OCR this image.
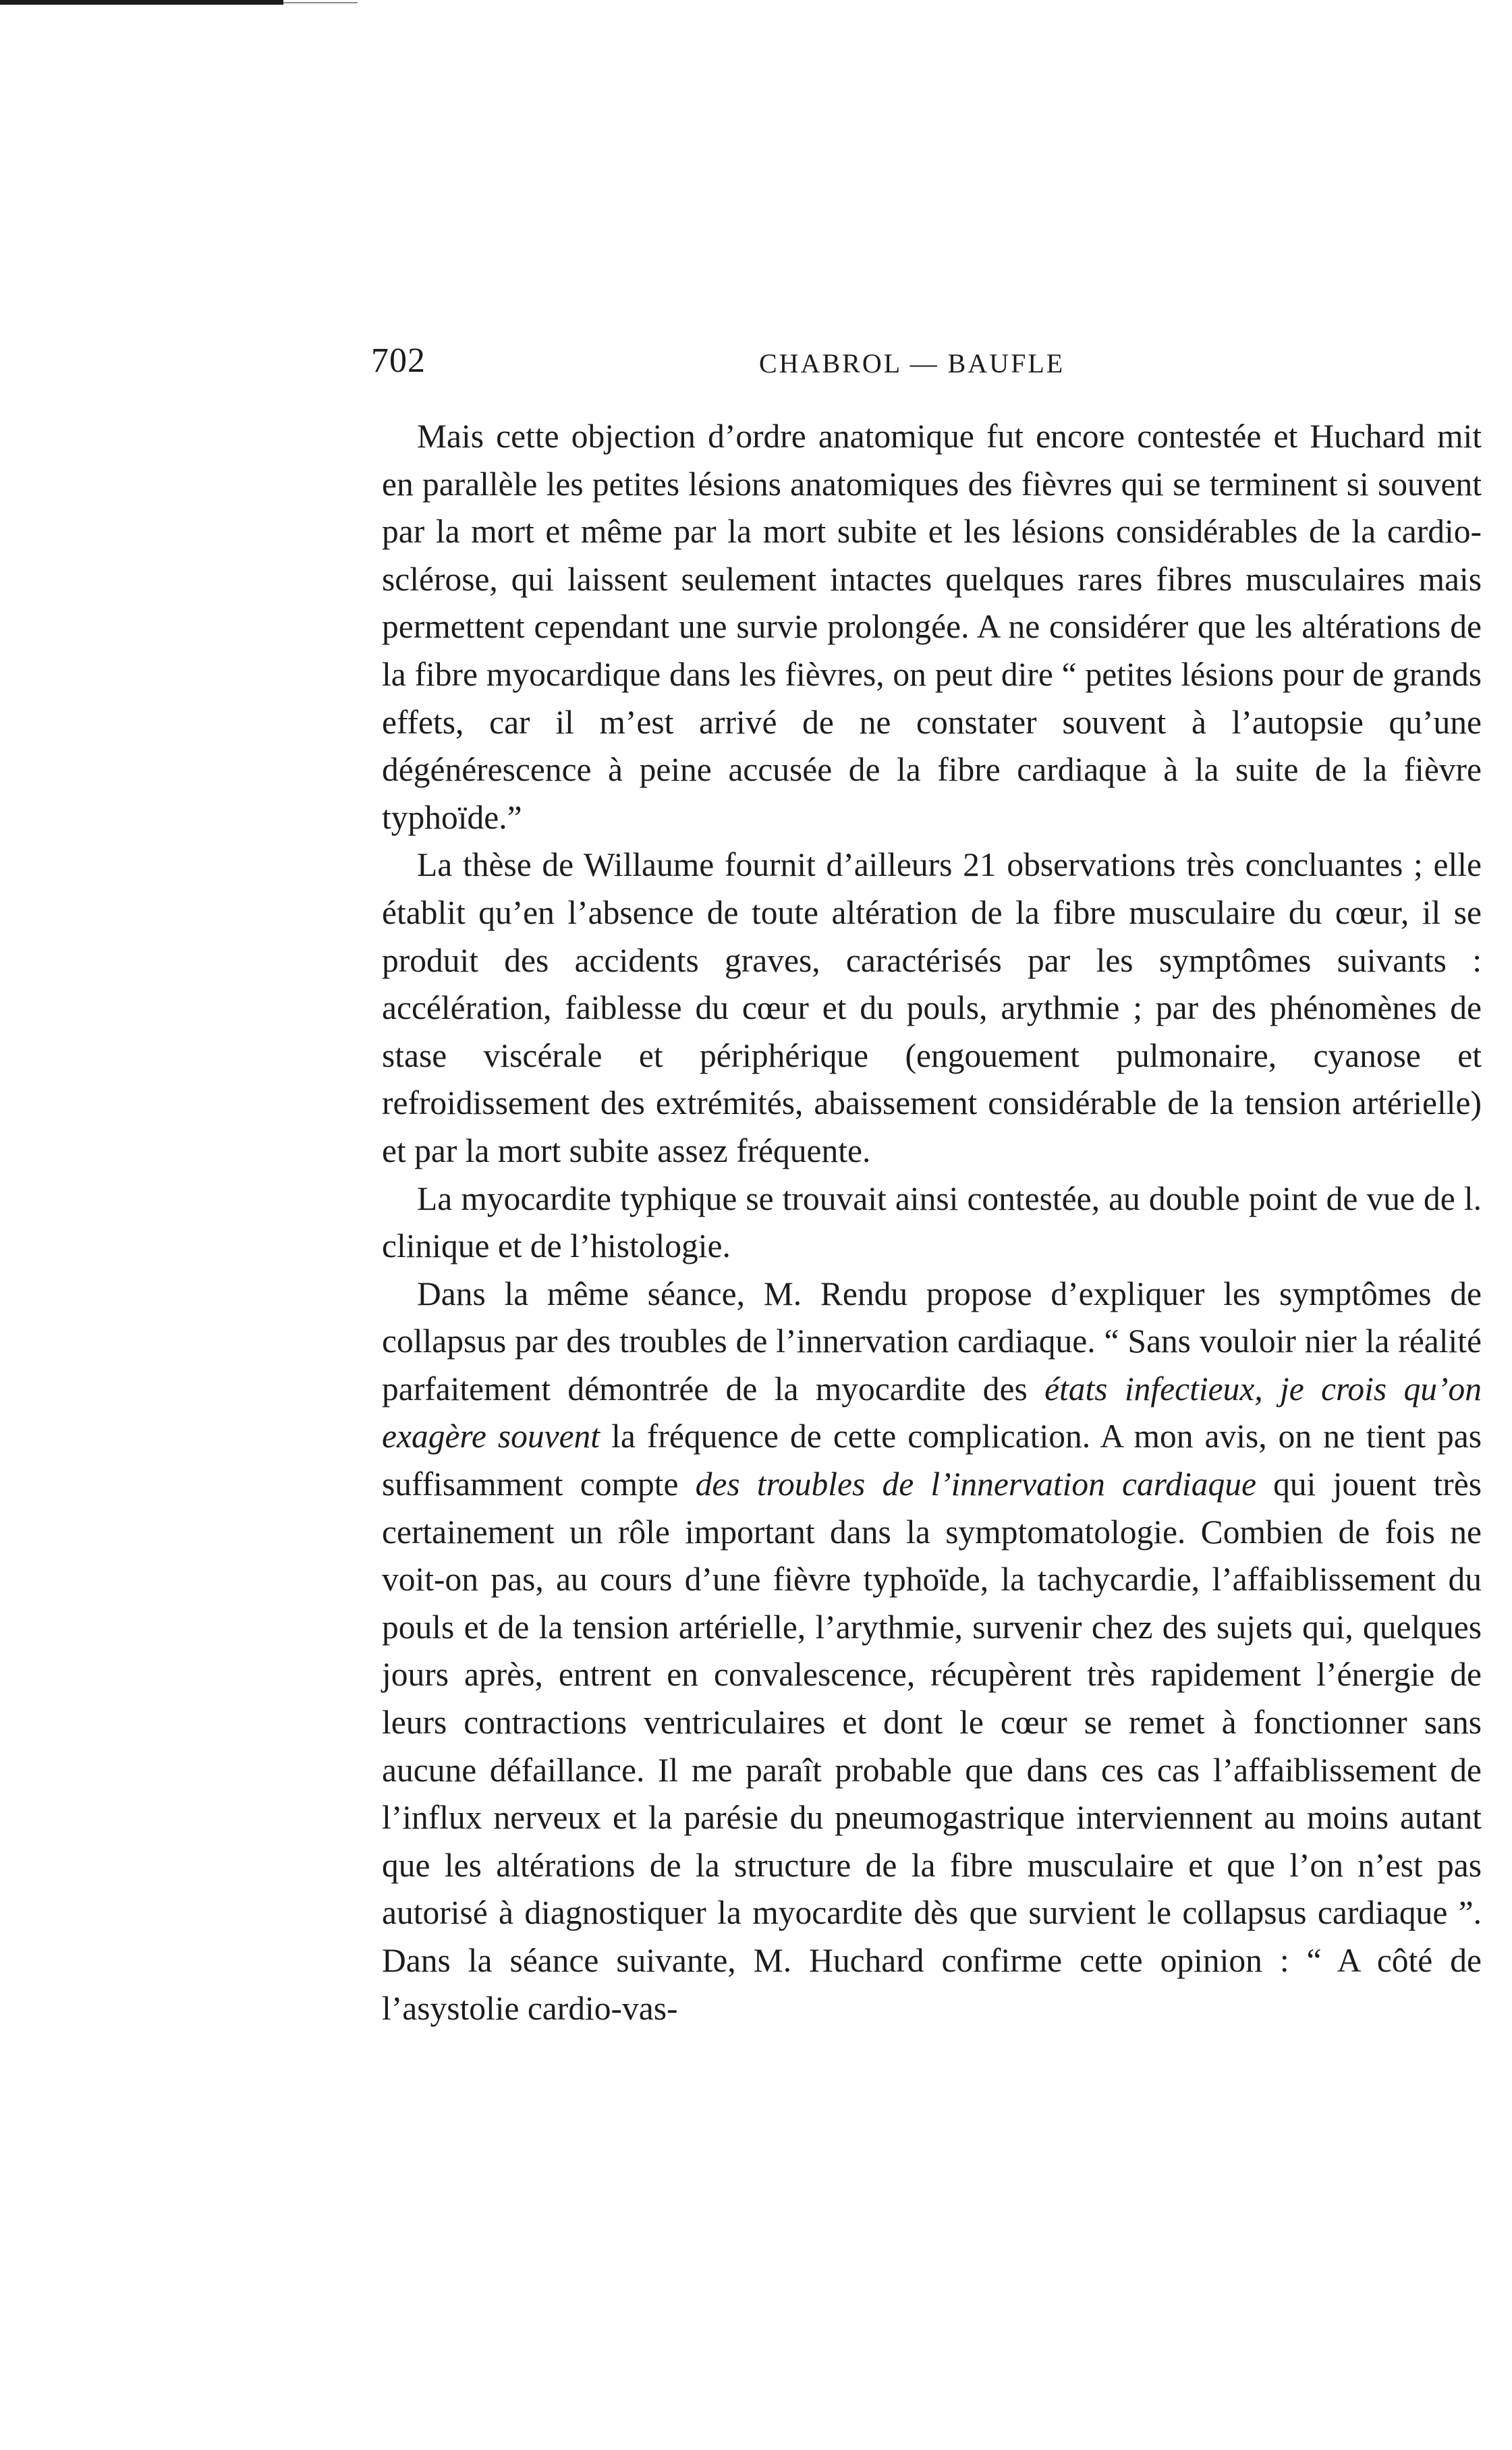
702	CHABROL — BAUFLE

Mais cette objection d’ordre anatomique fut encore contestée et Huchard mit en parallèle les petites lésions anatomiques des fièvres qui se terminent si souvent par la mort et même par la mort subite et les lésions considérables de la cardio-sclérose, qui laissent seulement intactes quelques rares fibres musculaires mais permettent cependant une survie prolongée. A ne considérer que les altérations de la fibre myocardique dans les fièvres, on peut dire “ petites lésions pour de grands effets, car il m’est arrivé de ne constater souvent à l’autopsie qu’une dégénérescence à peine accusée de la fibre cardiaque à la suite de la fièvre typhoïde.”

La thèse de Willaume fournit d’ailleurs 21 observations très concluantes ; elle établit qu’en l’absence de toute altération de la fibre musculaire du cœur, il se produit des accidents graves, caractérisés par les symptômes suivants : accélération, faiblesse du cœur et du pouls, arythmie ; par des phénomènes de stase viscérale et périphérique (engouement pulmonaire, cyanose et refroidissement des extrémités, abaissement considérable de la tension artérielle) et par la mort subite assez fréquente.

La myocardite typhique se trouvait ainsi contestée, au double point de vue de l. clinique et de l’histologie.

Dans la même séance, M. Rendu propose d’expliquer les symptômes de collapsus par des troubles de l’innervation cardiaque. “ Sans vouloir nier la réalité parfaitement démontrée de la myocardite des états infectieux, je crois qu’on exagère souvent la fréquence de cette complication. A mon avis, on ne tient pas suffisamment compte des troubles de l’innervation cardiaque qui jouent très certainement un rôle important dans la symptomatologie. Combien de fois ne voit-on pas, au cours d’une fièvre typhoïde, la tachycardie, l’affaiblissement du pouls et de la tension artérielle, l’arythmie, survenir chez des sujets qui, quelques jours après, entrent en convalescence, récupèrent très rapidement l’énergie de leurs contractions ventriculaires et dont le cœur se remet à fonctionner sans aucune défaillance. Il me paraît probable que dans ces cas l’affaiblissement de l’influx nerveux et la parésie du pneumogastrique interviennent au moins autant que les altérations de la structure de la fibre musculaire et que l’on n’est pas autorisé à diagnostiquer la myocardite dès que survient le collapsus cardiaque ”. Dans la séance suivante, M. Huchard confirme cette opinion : “ A côté de l’asystolie cardio-vas-
